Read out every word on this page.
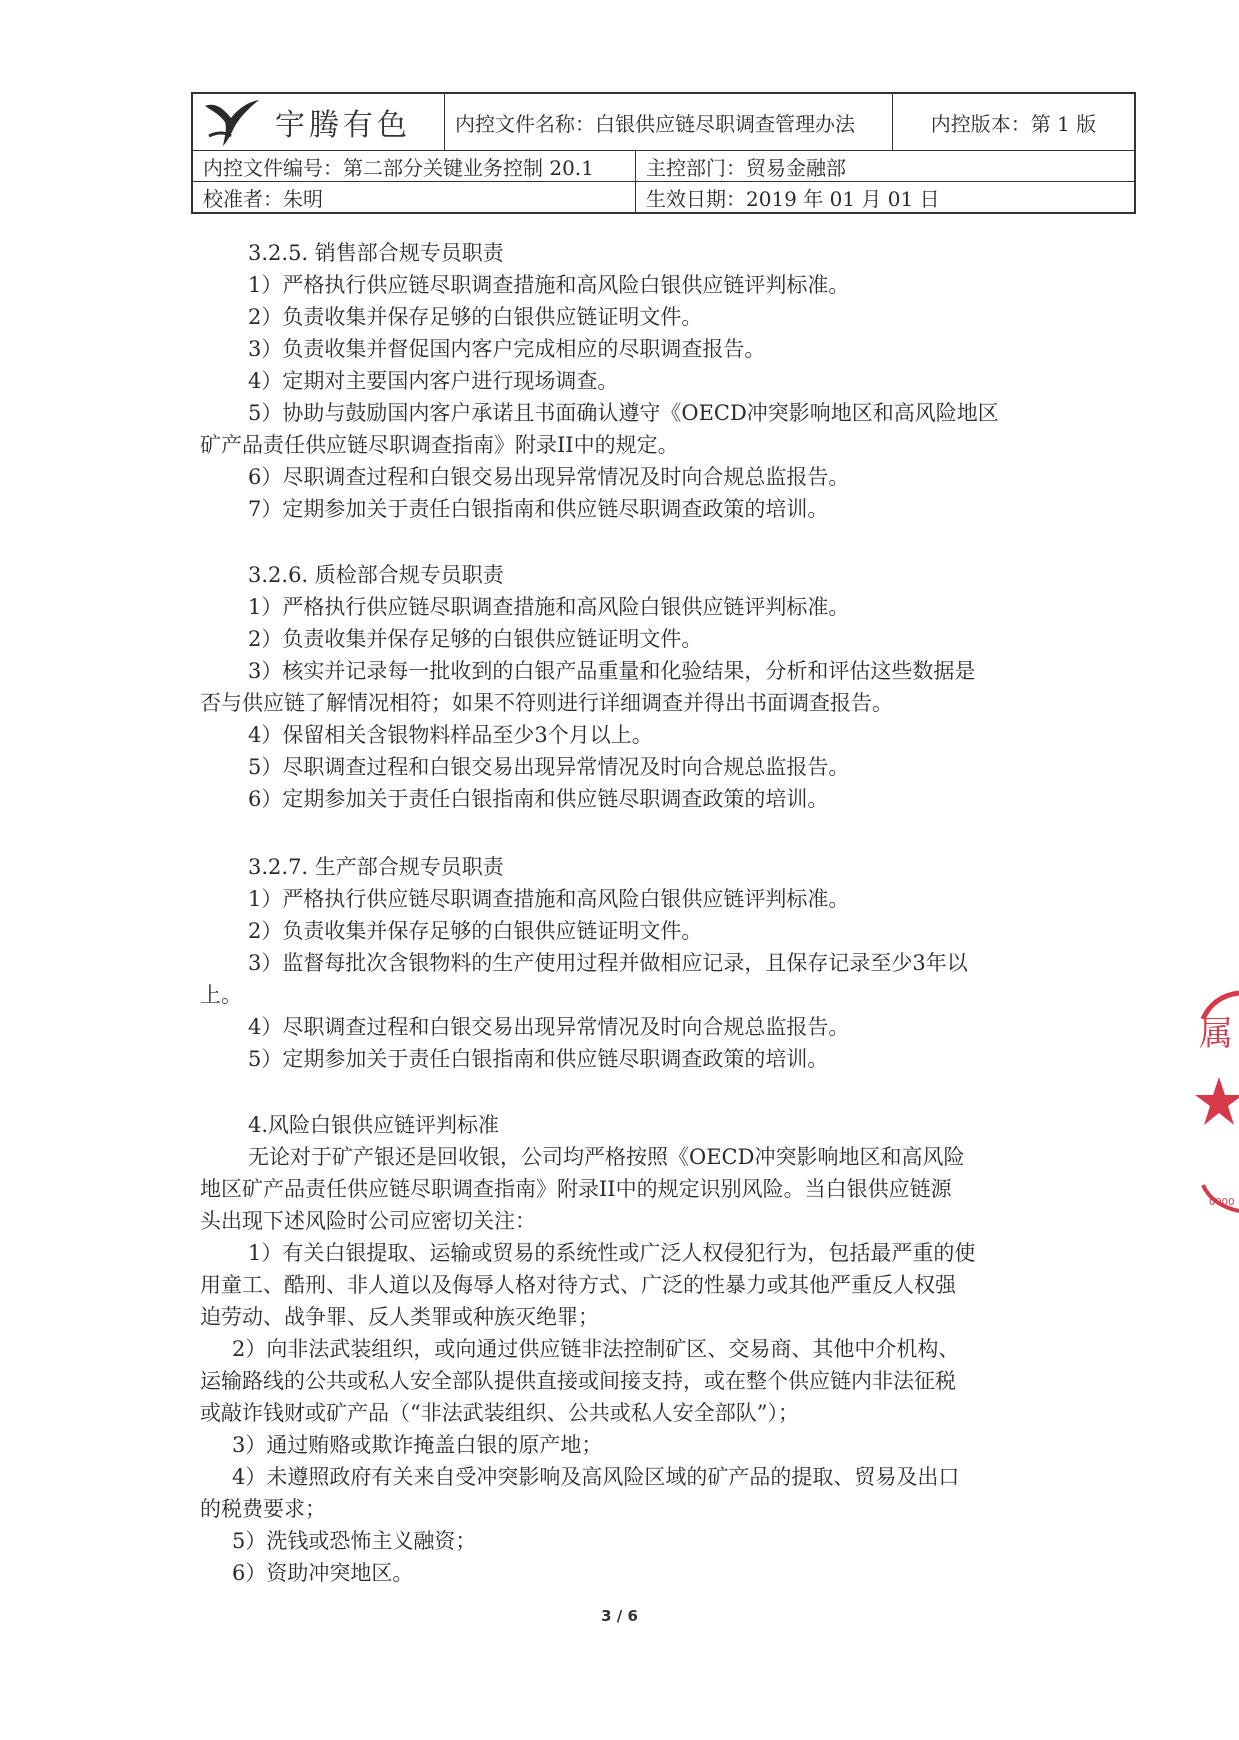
宇腾有色	内控文件名称：白银供应链尽职调查管理办法	内控版本：第 1 版
内控文件编号：第二部分关键业务控制 20.1	主控部门：贸易金融部
校准者：朱明	生效日期：2019 年 01 月 01 日
3.2.5. 销售部合规专员职责
1）严格执行供应链尽职调查措施和高风险白银供应链评判标准。
2）负责收集并保存足够的白银供应链证明文件。
3）负责收集并督促国内客户完成相应的尽职调查报告。
4）定期对主要国内客户进行现场调查。
5）协助与鼓励国内客户承诺且书面确认遵守《OECD冲突影响地区和高风险地区
矿产品责任供应链尽职调查指南》附录II中的规定。
6）尽职调查过程和白银交易出现异常情况及时向合规总监报告。
7）定期参加关于责任白银指南和供应链尽职调查政策的培训。
3.2.6. 质检部合规专员职责
1）严格执行供应链尽职调查措施和高风险白银供应链评判标准。
2）负责收集并保存足够的白银供应链证明文件。
3）核实并记录每一批收到的白银产品重量和化验结果，分析和评估这些数据是
否与供应链了解情况相符；如果不符则进行详细调查并得出书面调查报告。
4）保留相关含银物料样品至少3个月以上。
5）尽职调查过程和白银交易出现异常情况及时向合规总监报告。
6）定期参加关于责任白银指南和供应链尽职调查政策的培训。
3.2.7. 生产部合规专员职责
1）严格执行供应链尽职调查措施和高风险白银供应链评判标准。
2）负责收集并保存足够的白银供应链证明文件。
3）监督每批次含银物料的生产使用过程并做相应记录，且保存记录至少3年以
上。
4）尽职调查过程和白银交易出现异常情况及时向合规总监报告。
5）定期参加关于责任白银指南和供应链尽职调查政策的培训。
4.风险白银供应链评判标准
无论对于矿产银还是回收银，公司均严格按照《OECD冲突影响地区和高风险
地区矿产品责任供应链尽职调查指南》附录II中的规定识别风险。当白银供应链源
头出现下述风险时公司应密切关注：
1）有关白银提取、运输或贸易的系统性或广泛人权侵犯行为，包括最严重的使
用童工、酷刑、非人道以及侮辱人格对待方式、广泛的性暴力或其他严重反人权强
迫劳动、战争罪、反人类罪或种族灭绝罪；
2）向非法武装组织，或向通过供应链非法控制矿区、交易商、其他中介机构、
运输路线的公共或私人安全部队提供直接或间接支持，或在整个供应链内非法征税
或敲诈钱财或矿产品（“非法武装组织、公共或私人安全部队”）；
3）通过贿赂或欺诈掩盖白银的原产地；
4）未遵照政府有关来自受冲突影响及高风险区域的矿产品的提取、贸易及出口
的税费要求；
5）洗钱或恐怖主义融资；
6）资助冲突地区。
3 / 6
属
0000
